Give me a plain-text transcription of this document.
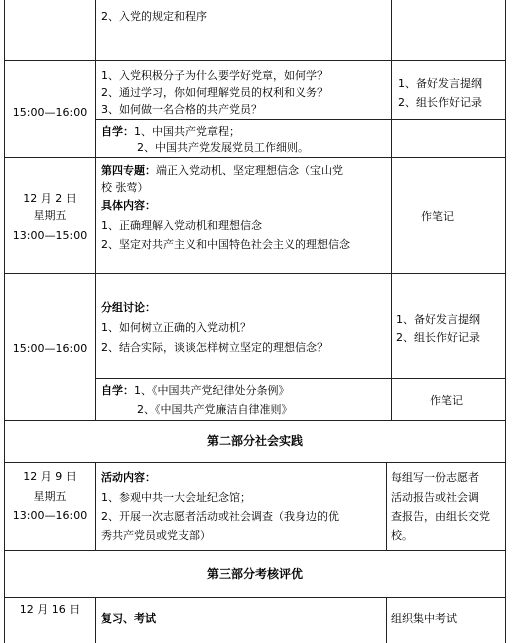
2、入党的规定和程序
15:00—16:00
1、入党积极分子为什么要学好党章，如何学？
2、通过学习，你如何理解党员的权利和义务？
3、如何做一名合格的共产党员？
1、备好发言提纲
2、组长作好记录
自学：1、中国共产党章程；
2、中国共产党发展党员工作细则。
12 月 2 日
星期五
13:00—15:00
第四专题：端正入党动机、坚定理想信念（宝山党
校 张莺）
具体内容：
1、正确理解入党动机和理想信念
2、坚定对共产主义和中国特色社会主义的理想信念
作笔记
15:00—16:00
分组讨论：
1、如何树立正确的入党动机？
2、结合实际，谈谈怎样树立坚定的理想信念？
1、备好发言提纲
2、组长作好记录
自学：1、《中国共产党纪律处分条例》
2、《中国共产党廉洁自律准则》
作笔记
第二部分社会实践
12 月 9 日
星期五
13:00—16:00
活动内容：
1、参观中共一大会址纪念馆；
2、开展一次志愿者活动或社会调查（我身边的优
秀共产党员或党支部）
每组写一份志愿者
活动报告或社会调
查报告，由组长交党
校。
第三部分考核评优
12 月 16 日
复习、考试	组织集中考试
